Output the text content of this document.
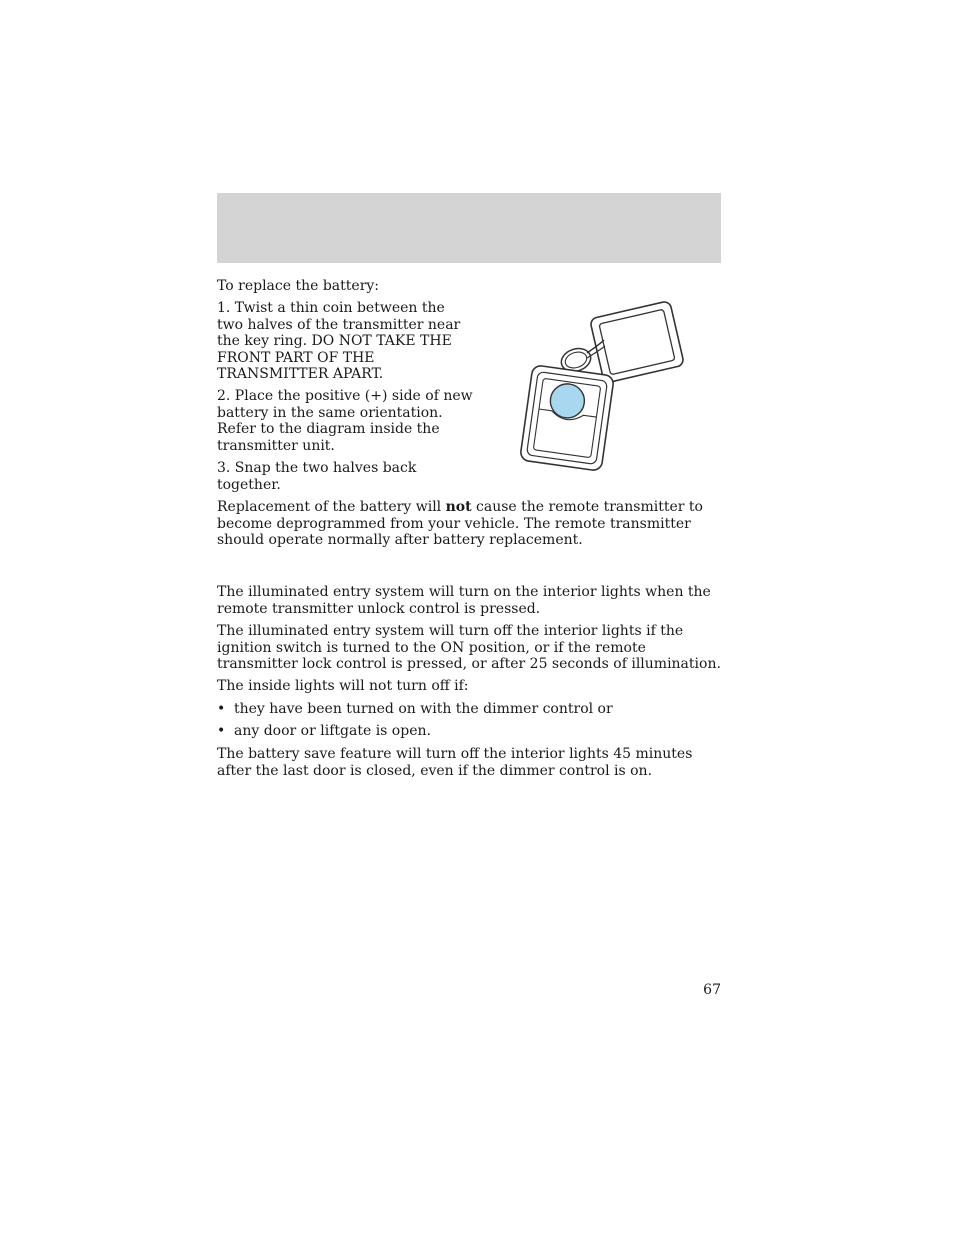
To replace the battery:

1. Twist a thin coin between the two halves of the transmitter near the key ring. DO NOT TAKE THE FRONT PART OF THE TRANSMITTER APART.

2. Place the positive (+) side of new battery in the same orientation. Refer to the diagram inside the transmitter unit.

3. Snap the two halves back together.

Replacement of the battery will not cause the remote transmitter to become deprogrammed from your vehicle. The remote transmitter should operate normally after battery replacement.

The illuminated entry system will turn on the interior lights when the remote transmitter unlock control is pressed.

The illuminated entry system will turn off the interior lights if the ignition switch is turned to the ON position, or if the remote transmitter lock control is pressed, or after 25 seconds of illumination.

The inside lights will not turn off if:

• they have been turned on with the dimmer control or
• any door or liftgate is open.

The battery save feature will turn off the interior lights 45 minutes after the last door is closed, even if the dimmer control is on.

67
